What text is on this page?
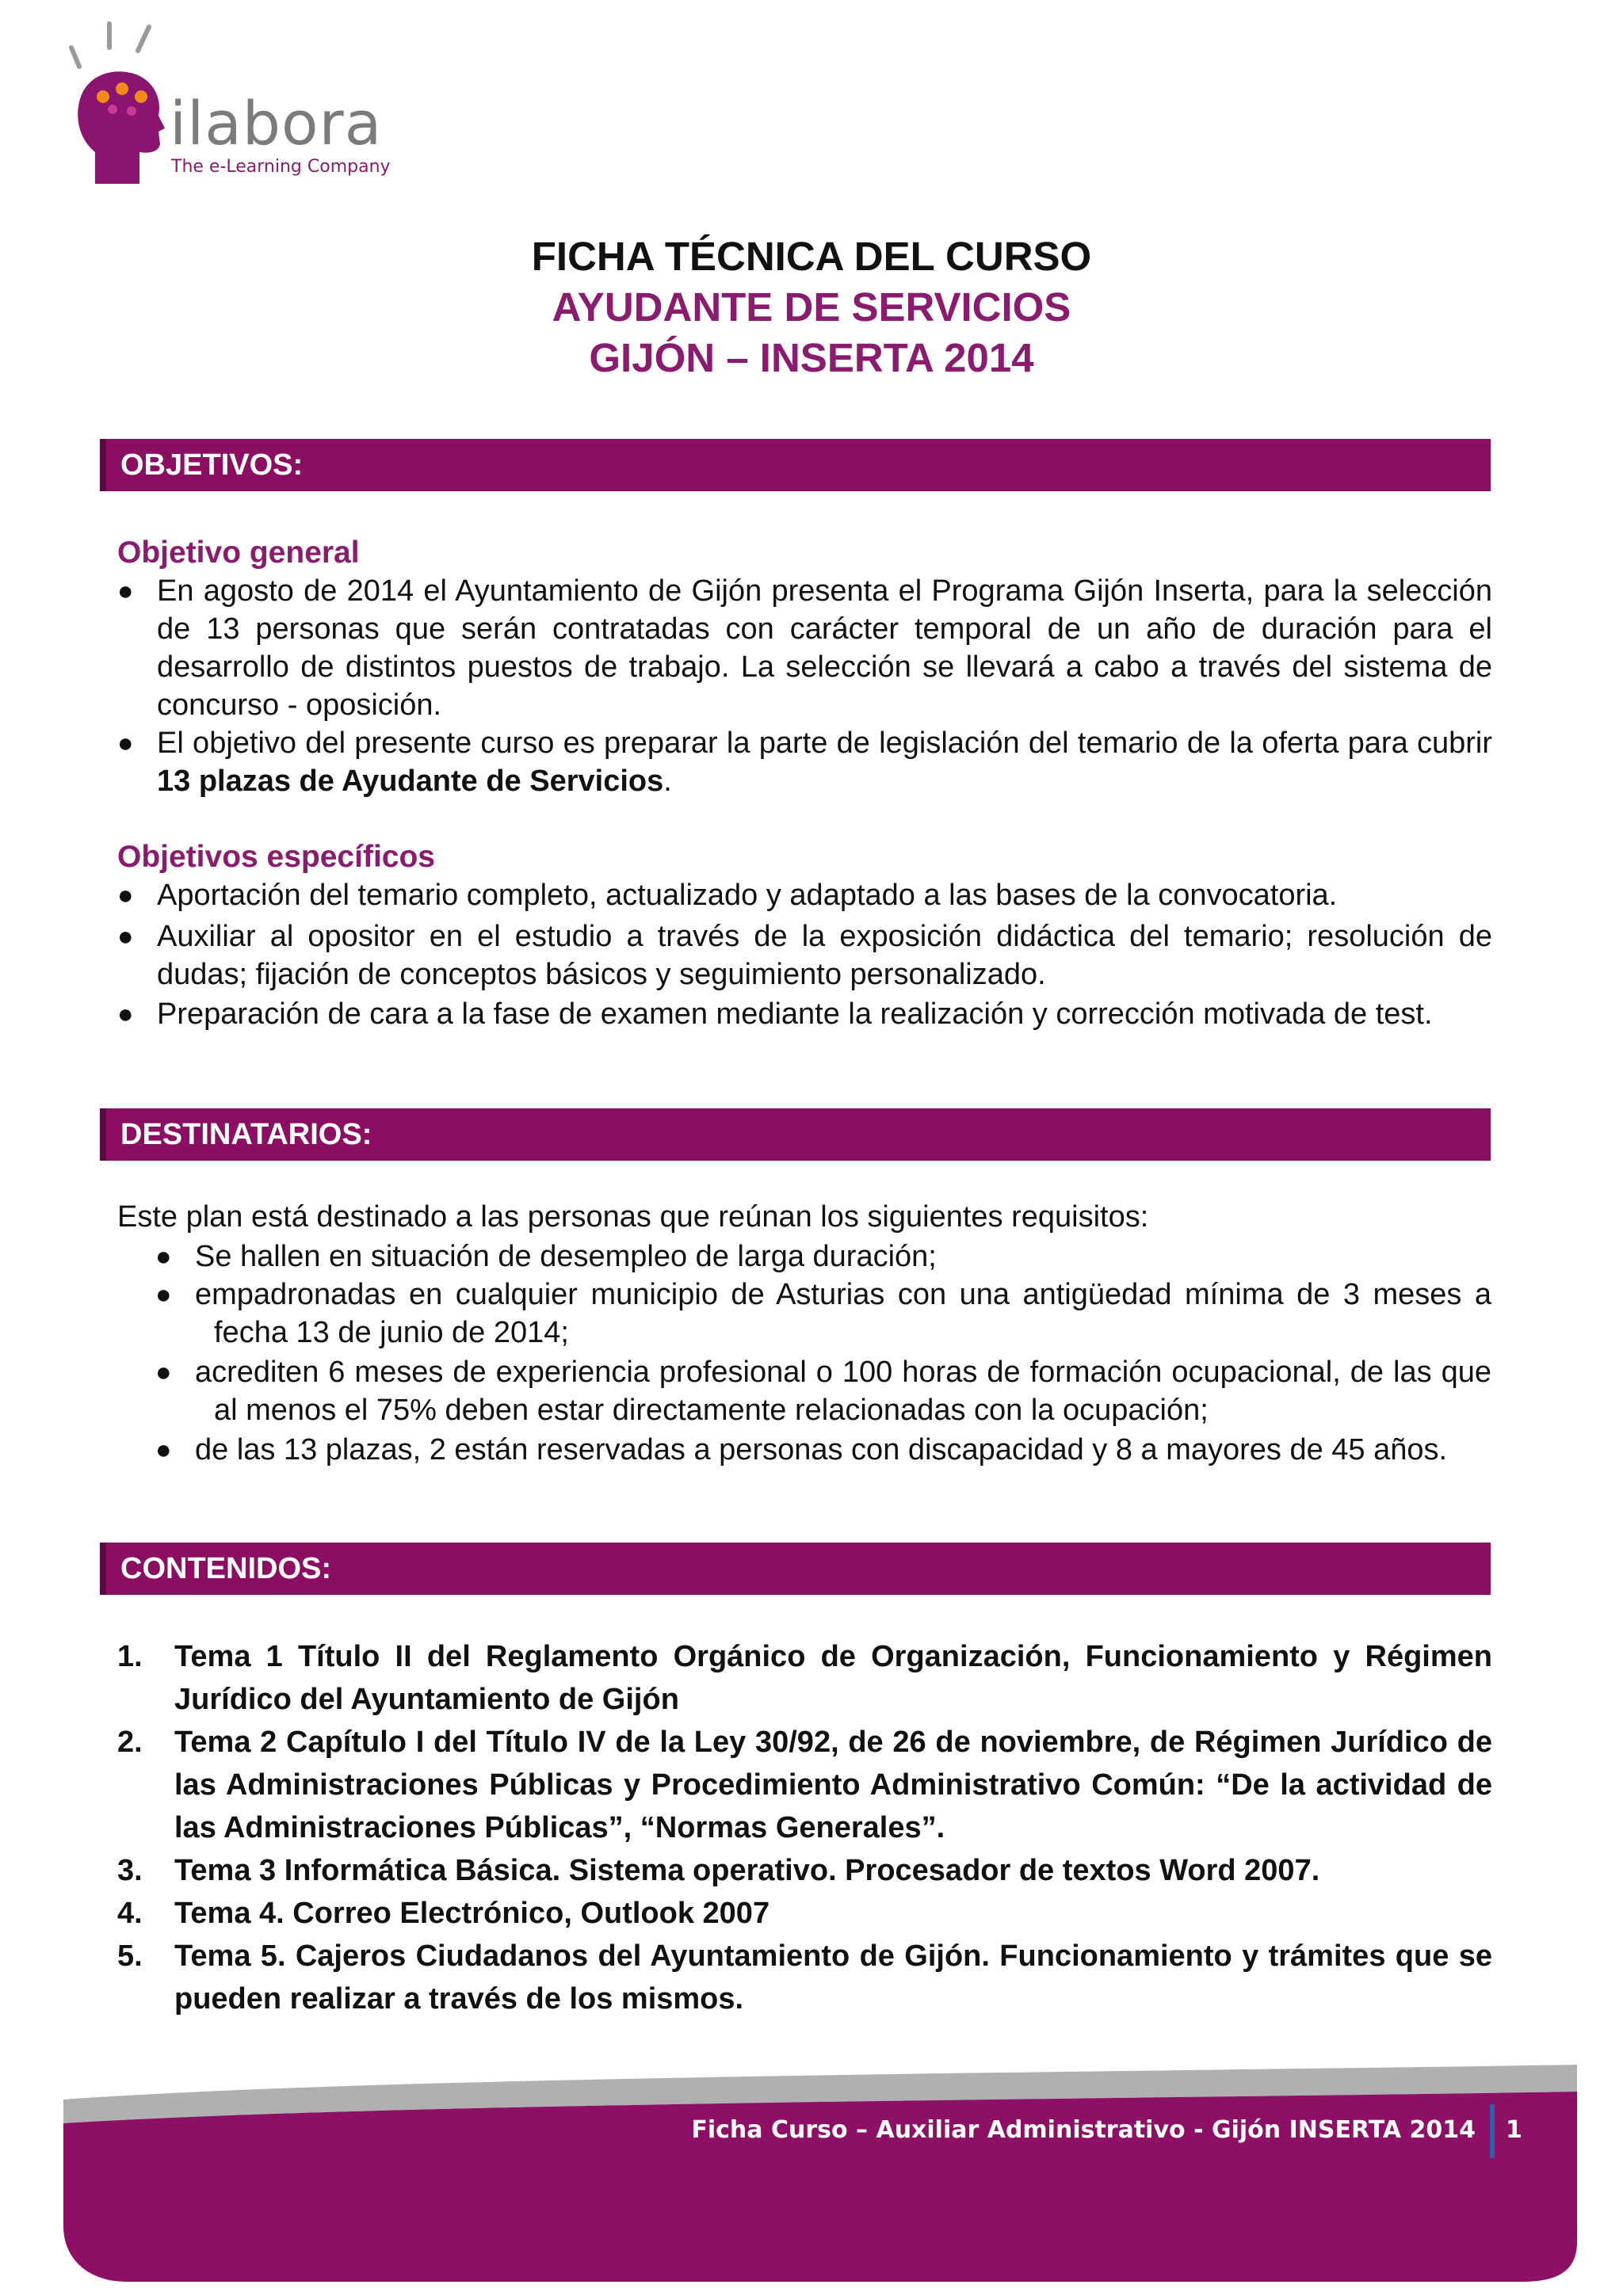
ilabora
The e-Learning Company
FICHA TÉCNICA DEL CURSO
AYUDANTE DE SERVICIOS
GIJÓN – INSERTA 2014
OBJETIVOS:
Objetivo general
● En agosto de 2014 el Ayuntamiento de Gijón presenta el Programa Gijón Inserta, para la selección de 13 personas que serán contratadas con carácter temporal de un año de duración para el desarrollo de distintos puestos de trabajo. La selección se llevará a cabo a través del sistema de concurso - oposición.
● El objetivo del presente curso es preparar la parte de legislación del temario de la oferta para cubrir 13 plazas de Ayudante de Servicios.
Objetivos específicos
● Aportación del temario completo, actualizado y adaptado a las bases de la convocatoria.
● Auxiliar al opositor en el estudio a través de la exposición didáctica del temario; resolución de dudas; fijación de conceptos básicos y seguimiento personalizado.
● Preparación de cara a la fase de examen mediante la realización y corrección motivada de test.
DESTINATARIOS:
Este plan está destinado a las personas que reúnan los siguientes requisitos:
● Se hallen en situación de desempleo de larga duración;
● empadronadas en cualquier municipio de Asturias con una antigüedad mínima de 3 meses a fecha 13 de junio de 2014;
● acrediten 6 meses de experiencia profesional o 100 horas de formación ocupacional, de las que al menos el 75% deben estar directamente relacionadas con la ocupación;
● de las 13 plazas, 2 están reservadas a personas con discapacidad y 8 a mayores de 45 años.
CONTENIDOS:
1. Tema 1 Título II del Reglamento Orgánico de Organización, Funcionamiento y Régimen Jurídico del Ayuntamiento de Gijón
2. Tema 2 Capítulo I del Título IV de la Ley 30/92, de 26 de noviembre, de Régimen Jurídico de las Administraciones Públicas y Procedimiento Administrativo Común: “De la actividad de las Administraciones Públicas”, “Normas Generales”.
3. Tema 3 Informática Básica. Sistema operativo. Procesador de textos Word 2007.
4. Tema 4. Correo Electrónico, Outlook 2007
5. Tema 5. Cajeros Ciudadanos del Ayuntamiento de Gijón. Funcionamiento y trámites que se pueden realizar a través de los mismos.
Ficha Curso – Auxiliar Administrativo - Gijón INSERTA 2014 1
